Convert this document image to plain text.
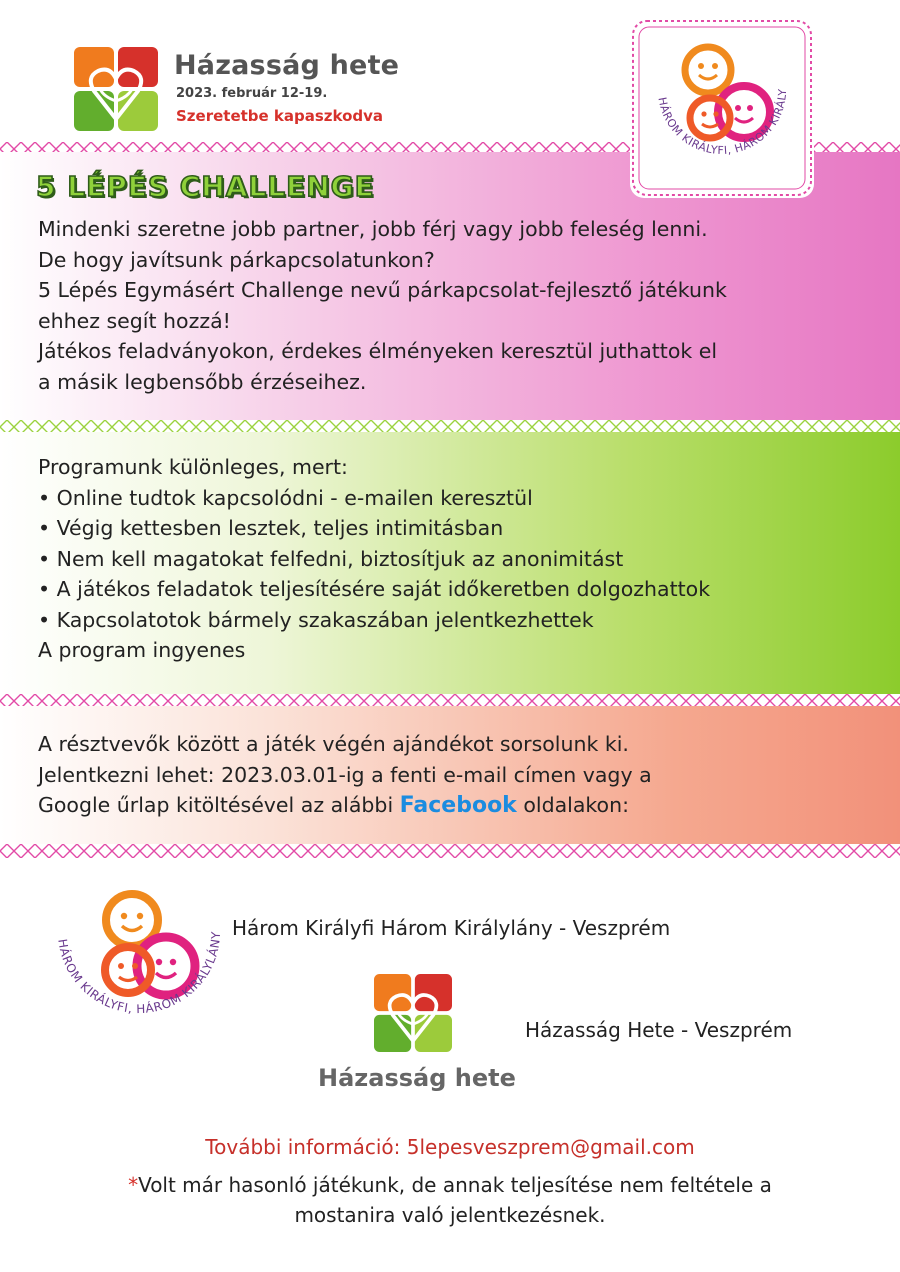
Házasság hete
2023. február 12-19.
Szeretetbe kapaszkodva
5 LÉPÉS CHALLENGE
Mindenki szeretne jobb partner, jobb férj vagy jobb feleség lenni.
De hogy javítsunk párkapcsolatunkon?
5 Lépés Egymásért Challenge nevű párkapcsolat-fejlesztő játékunk
ehhez segít hozzá!
Játékos feladványokon, érdekes élményeken keresztül juthattok el
a másik legbensőbb érzéseihez.
HÁROM KIRÁLYFI, HÁROM KIRÁLY
Programunk különleges, mert:
• Online tudtok kapcsolódni - e-mailen keresztül
• Végig kettesben lesztek, teljes intimitásban
• Nem kell magatokat felfedni, biztosítjuk az anonimitást
• A játékos feladatok teljesítésére saját időkeretben dolgozhattok
• Kapcsolatotok bármely szakaszában jelentkezhettek
A program ingyenes
A résztvevők között a játék végén ajándékot sorsolunk ki.
Jelentkezni lehet: 2023.03.01-ig a fenti e-mail címen vagy a
Google űrlap kitöltésével az alábbi Facebook oldalakon:
HÁROM KIRÁLYFI, HÁROM KIRÁLYLÁNY Három Királyfi Három Királylány - Veszprém
Házasság hete
Házasság Hete - Veszprém
További információ: 5lepesveszprem@gmail.com
*Volt már hasonló játékunk, de annak teljesítése nem feltétele a
mostanira való jelentkezésnek.
